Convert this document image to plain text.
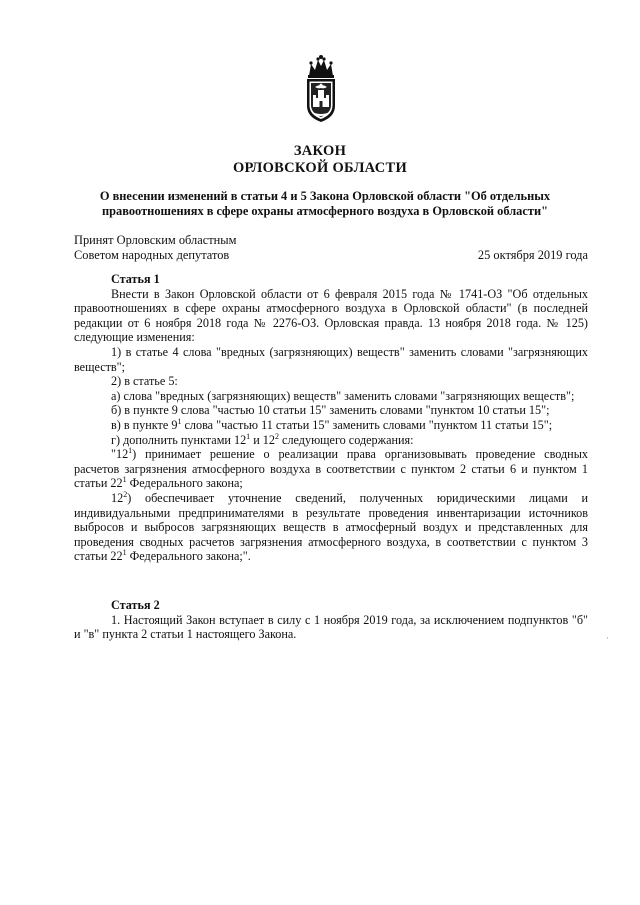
ЗАКОН
ОРЛОВСКОЙ ОБЛАСТИ
О внесении изменений в статьи 4 и 5 Закона Орловской области "Об отдельных
правоотношениях в сфере охраны атмосферного воздуха в Орловской области"
Принят Орловским областным
Советом народных депутатов	25 октября 2019 года

Статья 1

Внести в Закон Орловской области от 6 февраля 2015 года № 1741-ОЗ "Об отдельных правоотношениях в сфере охраны атмосферного воздуха в Орловской области" (в последней редакции от 6 ноября 2018 года № 2276-ОЗ. Орловская правда. 13 ноября 2018 года. № 125) следующие изменения:

1) в статье 4 слова "вредных (загрязняющих) веществ" заменить словами "загрязняющих веществ";

2) в статье 5:

а) слова "вредных (загрязняющих) веществ" заменить словами "загрязняющих веществ";

б) в пункте 9 слова "частью 10 статьи 15" заменить словами "пунктом 10 статьи 15";

в) в пункте $9^1$ слова "частью 11 статьи 15" заменить словами "пунктом 11 статьи 15";

г) дополнить пунктами $12^1$ и $12^2$ следующего содержания:

"$12^1$) принимает решение о реализации права организовывать проведение сводных расчетов загрязнения атмосферного воздуха в соответствии с пунктом 2 статьи 6 и пунктом 1 статьи $22^1$ Федерального закона;

$12^2$) обеспечивает уточнение сведений, полученных юридическими лицами и индивидуальными предпринимателями в результате проведения инвентаризации источников выбросов и выбросов загрязняющих веществ в атмосферный воздух и представленных для проведения сводных расчетов загрязнения атмосферного воздуха, в соответствии с пунктом 3 статьи $22^1$ Федерального закона;".

Статья 2

1. Настоящий Закон вступает в силу с 1 ноября 2019 года, за исключением подпунктов "б" и "в" пункта 2 статьи 1 настоящего Закона.	·
